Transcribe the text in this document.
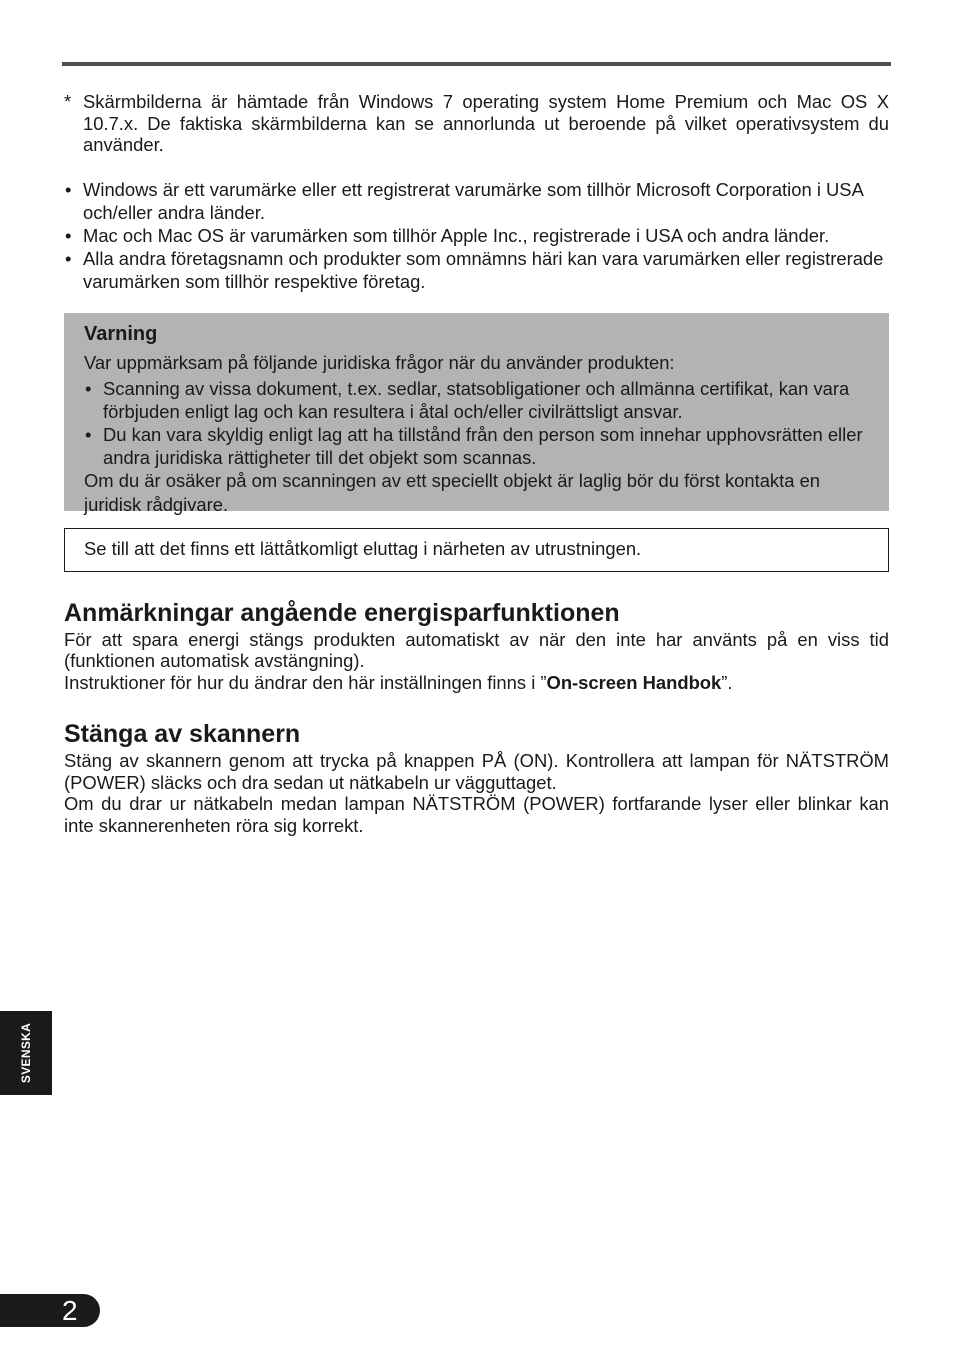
* Skärmbilderna är hämtade från Windows 7 operating system Home Premium och Mac OS X 10.7.x. De faktiska skärmbilderna kan se annorlunda ut beroende på vilket operativsystem du använder.

• Windows är ett varumärke eller ett registrerat varumärke som tillhör Microsoft Corporation i USA och/eller andra länder.
• Mac och Mac OS är varumärken som tillhör Apple Inc., registrerade i USA och andra länder.
• Alla andra företagsnamn och produkter som omnämns häri kan vara varumärken eller registrerade varumärken som tillhör respektive företag.
Varning

Var uppmärksam på följande juridiska frågor när du använder produkten:

• Scanning av vissa dokument, t.ex. sedlar, statsobligationer och allmänna certifikat, kan vara förbjuden enligt lag och kan resultera i åtal och/eller civilrättsligt ansvar.
• Du kan vara skyldig enligt lag att ha tillstånd från den person som innehar upphovsrätten eller andra juridiska rättigheter till det objekt som scannas.

Om du är osäker på om scanningen av ett speciellt objekt är laglig bör du först kontakta en juridisk rådgivare.

Se till att det finns ett lättåtkomligt eluttag i närheten av utrustningen.
Anmärkningar angående energisparfunktionen

För att spara energi stängs produkten automatiskt av när den inte har använts på en viss tid (funktionen automatisk avstängning).

Instruktioner för hur du ändrar den här inställningen finns i ”On-screen Handbok”.

Stänga av skannern

Stäng av skannern genom att trycka på knappen PÅ (ON). Kontrollera att lampan för NÄTSTRÖM (POWER) släcks och dra sedan ut nätkabeln ur vägguttaget.

Om du drar ur nätkabeln medan lampan NÄTSTRÖM (POWER) fortfarande lyser eller blinkar kan inte skannerenheten röra sig korrekt.

SVENSKA
2
